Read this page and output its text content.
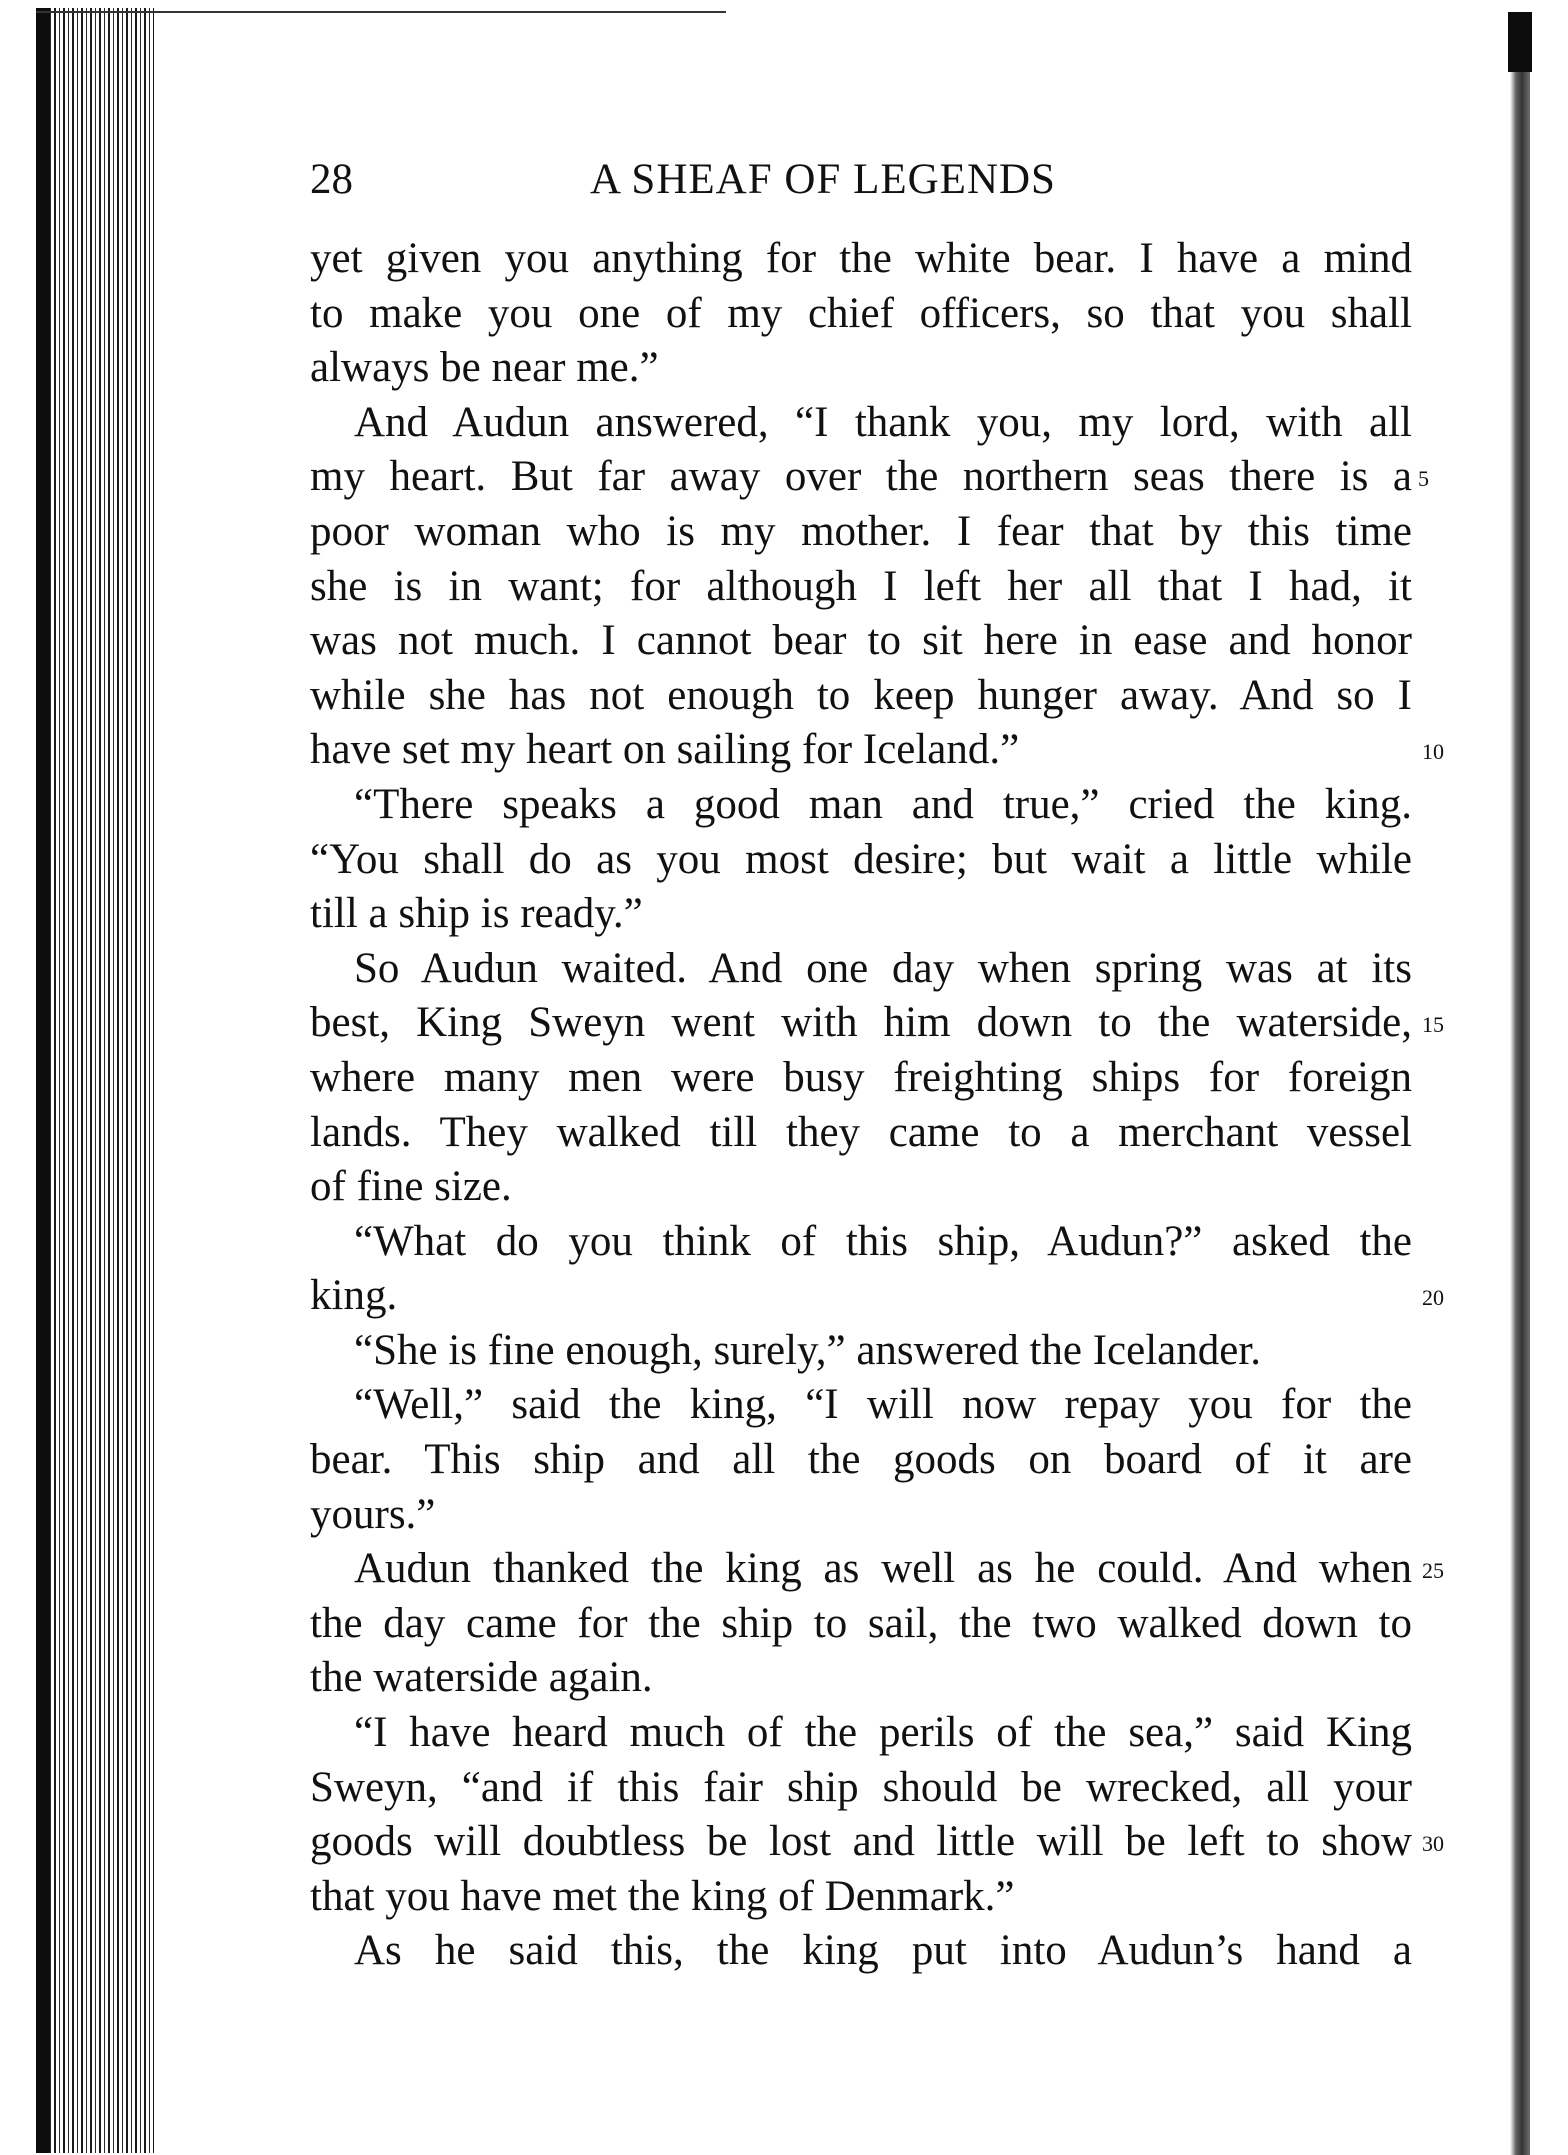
28	A SHEAF OF LEGENDS
yet given you anything for the white bear. I have a mind
to make you one of my chief officers, so that you shall
always be near me.”
And Audun answered, “I thank you, my lord, with all
my heart. But far away over the northern seas there is a 5
poor woman who is my mother. I fear that by this time
she is in want; for although I left her all that I had, it
was not much. I cannot bear to sit here in ease and honor
while she has not enough to keep hunger away. And so I
have set my heart on sailing for Iceland.”	10
“There speaks a good man and true,” cried the king.
“You shall do as you most desire; but wait a little while
till a ship is ready.”
So Audun waited. And one day when spring was at its
best, King Sweyn went with him down to the waterside, 15
where many men were busy freighting ships for foreign
lands. They walked till they came to a merchant vessel
of fine size.
“What do you think of this ship, Audun?” asked the
king.	20
“She is fine enough, surely,” answered the Icelander.
“Well,” said the king, “I will now repay you for the
bear. This ship and all the goods on board of it are
yours.”
Audun thanked the king as well as he could. And when 25
the day came for the ship to sail, the two walked down to
the waterside again.
“I have heard much of the perils of the sea,” said King
Sweyn, “and if this fair ship should be wrecked, all your
goods will doubtless be lost and little will be left to show 30
that you have met the king of Denmark.”
As he said this, the king put into Audun’s hand a
